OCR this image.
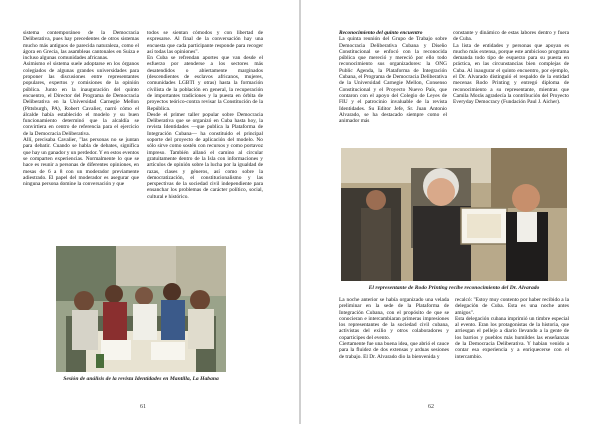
sistema contemporáneo de la Democracia Deliberativa, pues hay precedentes de otros sistemas mucho más antiguos de parecida naturaleza, como el ágora en Grecia, las asambleas cantonales en Suiza e incluso algunas comunidades africanas.

Asimismo el sistema suele adoptarse en los órganos colegiados de algunas grandes universidades para proponer las discusiones entre representantes populares, expertos y comisiones de la opinión pública. Junto en la inauguración del quinto encuentro, el Director del Programa de Democracia Deliberativa en la Universidad Carnegie Mellon (Pittsburgh, PA), Robert Cavalier, narró cómo el álcalde había establecido el modelo y su buen funcionamiento determinó que la alcaldía se convirtiera en centro de referencia para el ejercicio de la Democracia Deliberativa.

Allí, precisaba Cavalier, "las personas no se juntan para debatir. Cuando se habla de debates, significa que hay un ganador y un perdedor. Y en estos eventos se comparten experiencias. Normalmente lo que se hace es reunir a personas de diferentes opiniones, en mesas de 6 a 8 con un moderador previamente adiestrado. El papel del moderador es asegurar que ninguna persona domine la conversación y que

todos se sientan cómodos y con libertad de expresarse. Al final de la conversación hay una encuesta que cada participante responde para recoger así todas las opiniones".

En Cuba se refrendan aportes que van desde el esfuerzo por atenderse a los sectores más desatendidos o abiertamente marginados (descendientes de esclavos africanos, mujeres, comunidades LGBTI y otras) hasta la formación cívilista de la población en general, la recuperación de importantes tradiciones y la puesta en órbita de proyectos teórico-contra revisar la Constitución de la República.

Desde el primer taller popular sobre Democracia Deliberativa que se organizó en Cuba hasta hoy, la revista Identidades —que publica la Plataforma de Integración Cubana— ha constituido el principal soporte del proyecto de aplicación del modelo. No sólo sirve como sostén con recursos y como portavoz impreso. También allanó el camino al circular gratuitamente dentro de la Isla con informaciones y artículos de opinión sobre la lucha por la igualdad de razas, clases y géneros, así como sobre la democratización, el constitucionalismo y las perspectivas de la sociedad civil independiente para ensanchar los problemas de carácter político, social, cultural e histórico.

Sesión de análisis de la revista Identidades en Mantilla, La Habana
61

Reconocimiento del quinto encuentro

La quinta reunión del Grupo de Trabajo sobre Democracia Deliberativa Cubana y Diseño Constitucional se enfocó con la reconocida pública que mereció y mereció por ello todo reconocimiento sus organizadores: la ONG Public Agenda, la Plataforma de Integración Cubana, el Programa de Democracia Deliberativa de la Universidad Carnegie Mellon, Consenso Constitucional y el Proyecto Nuevo País, que contaron con el apoyo del Colegio de Leyes de FIU y el patrocinio invaluable de la revista Identidades. Su Editor Jefe, Sr. Juan Antonio Alvarado, se ha destacado siempre como el animador más

constante y dinámico de estas labores dentro y fuera de Cuba.

La lista de entidades y personas que apoyan es mucho más extensa, porque este ambicioso programa demanda todo tipo de esquerzo para su puesta en práctica, en las circunstancias bien complejas de Cuba. Al inaugurar el quinto encuentro, por ejemplo, el Dr. Alvarado distinguió el respaldo de la entidad mecenas Rodo Printing y entregó diploma de reconocimiento a su representante, mientras que Camila Morás agradecía la contribución del Proyecto Everyday Democracy (Fundación Paul J. Aicher).

El representante de Rodo Printing recibe reconocimiento del Dr. Alvarado

La noche anterior se había organizado una velada preliminar en la sede de la Plataforma de Integración Cubana, con el propósito de que se conocieran e intercambiaran primeras impresiones los representantes de la sociedad civil cubana, activistas del exilio y otros colaboradores y coparticipes del evento.

Ciertamente fue una buena idea, que abrió el cauce para la fluidez de dos extensas y arduas sesiones de trabajo. El Dr. Alvarado dio la bienvenida y

recalcó: "Estoy muy contento por haber recibido a la delegación de Cuba. Esta es una noche antes amigos".

Esta delegación cubana imprimió un timbre especial al evento. Eran los protagonistas de la historia, que arriesgan el pellejo a diario llevando a la gente de los barrios y pueblos más humildes las enseñanzas de la Democracia Deliberativa. Y habían venido a contar esa experiencia y a enriquecerse con el intercambio.

62
